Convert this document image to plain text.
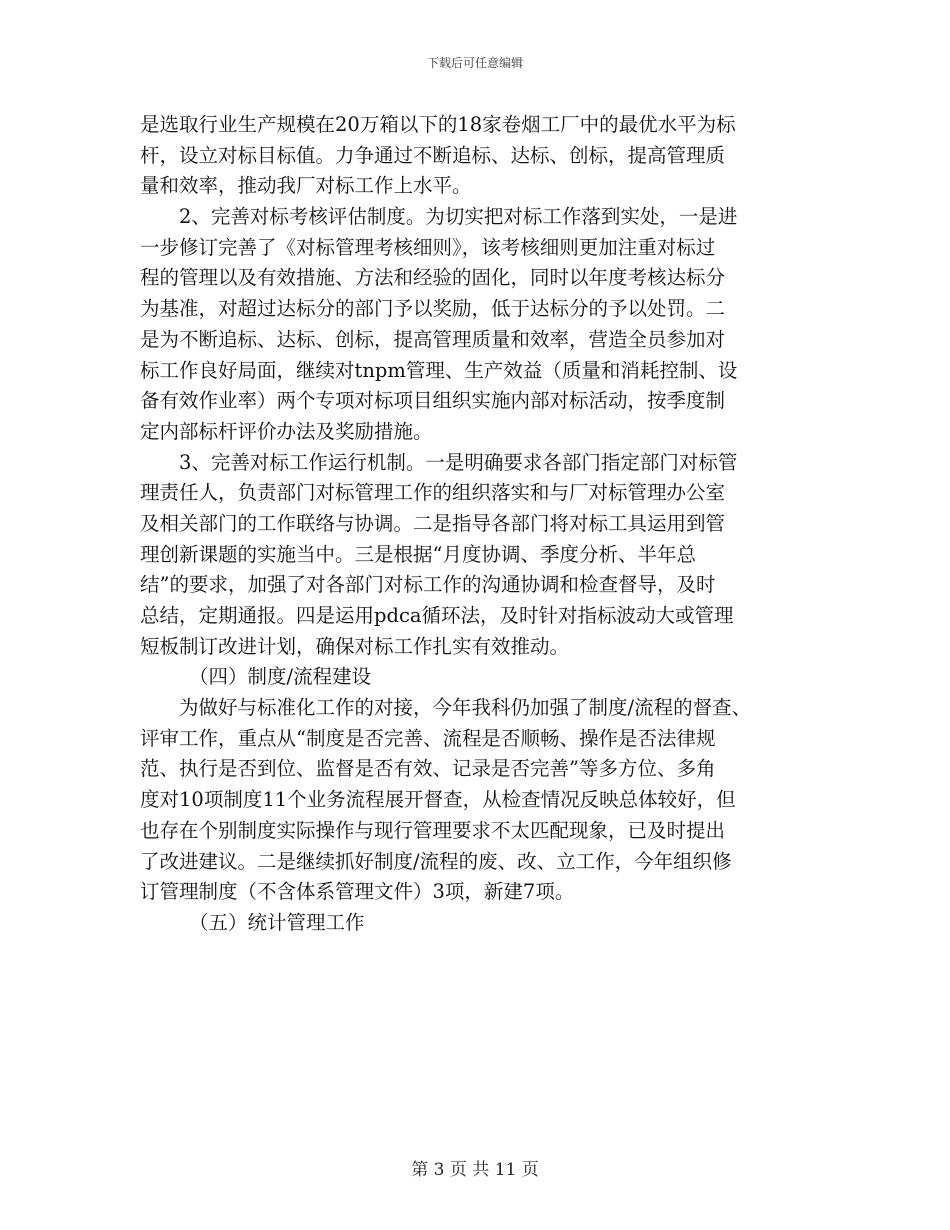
下载后可任意编辑
是选取行业生产规模在20万箱以下的18家卷烟工厂中的最优水平为标
杆，设立对标目标值。力争通过不断追标、达标、创标，提高管理质
量和效率，推动我厂对标工作上水平。
2、完善对标考核评估制度。为切实把对标工作落到实处，一是进
一步修订完善了《对标管理考核细则》，该考核细则更加注重对标过
程的管理以及有效措施、方法和经验的固化，同时以年度考核达标分
为基准，对超过达标分的部门予以奖励，低于达标分的予以处罚。二
是为不断追标、达标、创标，提高管理质量和效率，营造全员参加对
标工作良好局面，继续对tnpm管理、生产效益（质量和消耗控制、设
备有效作业率）两个专项对标项目组织实施内部对标活动，按季度制
定内部标杆评价办法及奖励措施。
3、完善对标工作运行机制。一是明确要求各部门指定部门对标管
理责任人，负责部门对标管理工作的组织落实和与厂对标管理办公室
及相关部门的工作联络与协调。二是指导各部门将对标工具运用到管
理创新课题的实施当中。三是根据“月度协调、季度分析、半年总
结”的要求，加强了对各部门对标工作的沟通协调和检查督导，及时
总结，定期通报。四是运用pdca循环法，及时针对指标波动大或管理
短板制订改进计划，确保对标工作扎实有效推动。
（四）制度/流程建设
为做好与标准化工作的对接，今年我科仍加强了制度/流程的督查、
评审工作，重点从“制度是否完善、流程是否顺畅、操作是否法律规
范、执行是否到位、监督是否有效、记录是否完善”等多方位、多角
度对10项制度11个业务流程展开督查，从检查情况反映总体较好，但
也存在个别制度实际操作与现行管理要求不太匹配现象，已及时提出
了改进建议。二是继续抓好制度/流程的废、改、立工作，今年组织修
订管理制度（不含体系管理文件）3项，新建7项。
（五）统计管理工作
第 3 页 共 11 页
